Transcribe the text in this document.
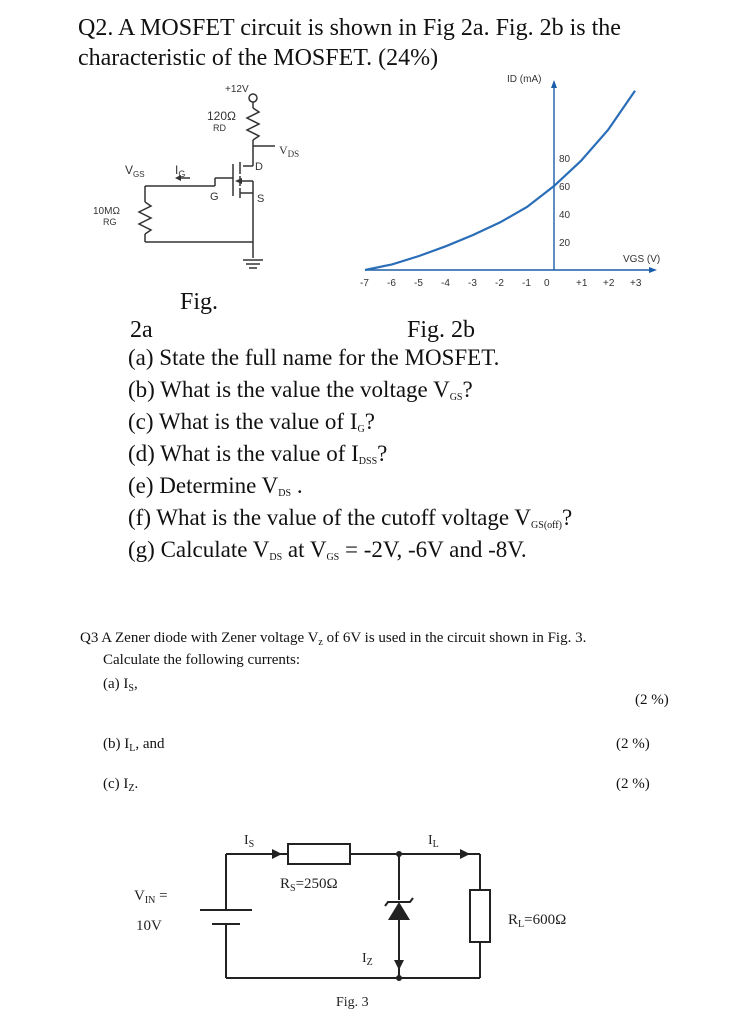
Q2. A MOSFET circuit is shown in Fig 2a. Fig. 2b is the
characteristic of the MOSFET. (24%)
+12V
120Ω
RD
$V_{DS}$
$V_{GS}$	$I_G$
D
G	S
10MΩ
RG
ID (mA)
VGS (V)
-7 -6 -5 -4 -3 -2 -1 0	+1 +2 +3
20
40
60
80
Fig.
2a	Fig. 2b
(a) State the full name for the MOSFET.
(b) What is the value the voltage $V_{GS}$?
(c) What is the value of $I_G$?
(d) What is the value of $I_{DSS}$?
(e) Determine $V_{DS}$ .
(f) What is the value of the cutoff voltage $V_{GS(off)}$?
(g) Calculate $V_{DS}$ at $V_{GS} = -2V$, -6V and -8V.
Q3 A Zener diode with Zener voltage $V_z$ of 6V is used in the circuit shown in Fig. 3.
Calculate the following currents:
(a) $I_S$,
(2 %)
(b) $I_L$, and	(2 %)
(c) $I_Z$.	(2 %)
$I_S$	$I_L$
$R_S=250\Omega$
$V_{IN}$ =
10V	$R_L=600\Omega$
$I_Z$
Fig. 3
